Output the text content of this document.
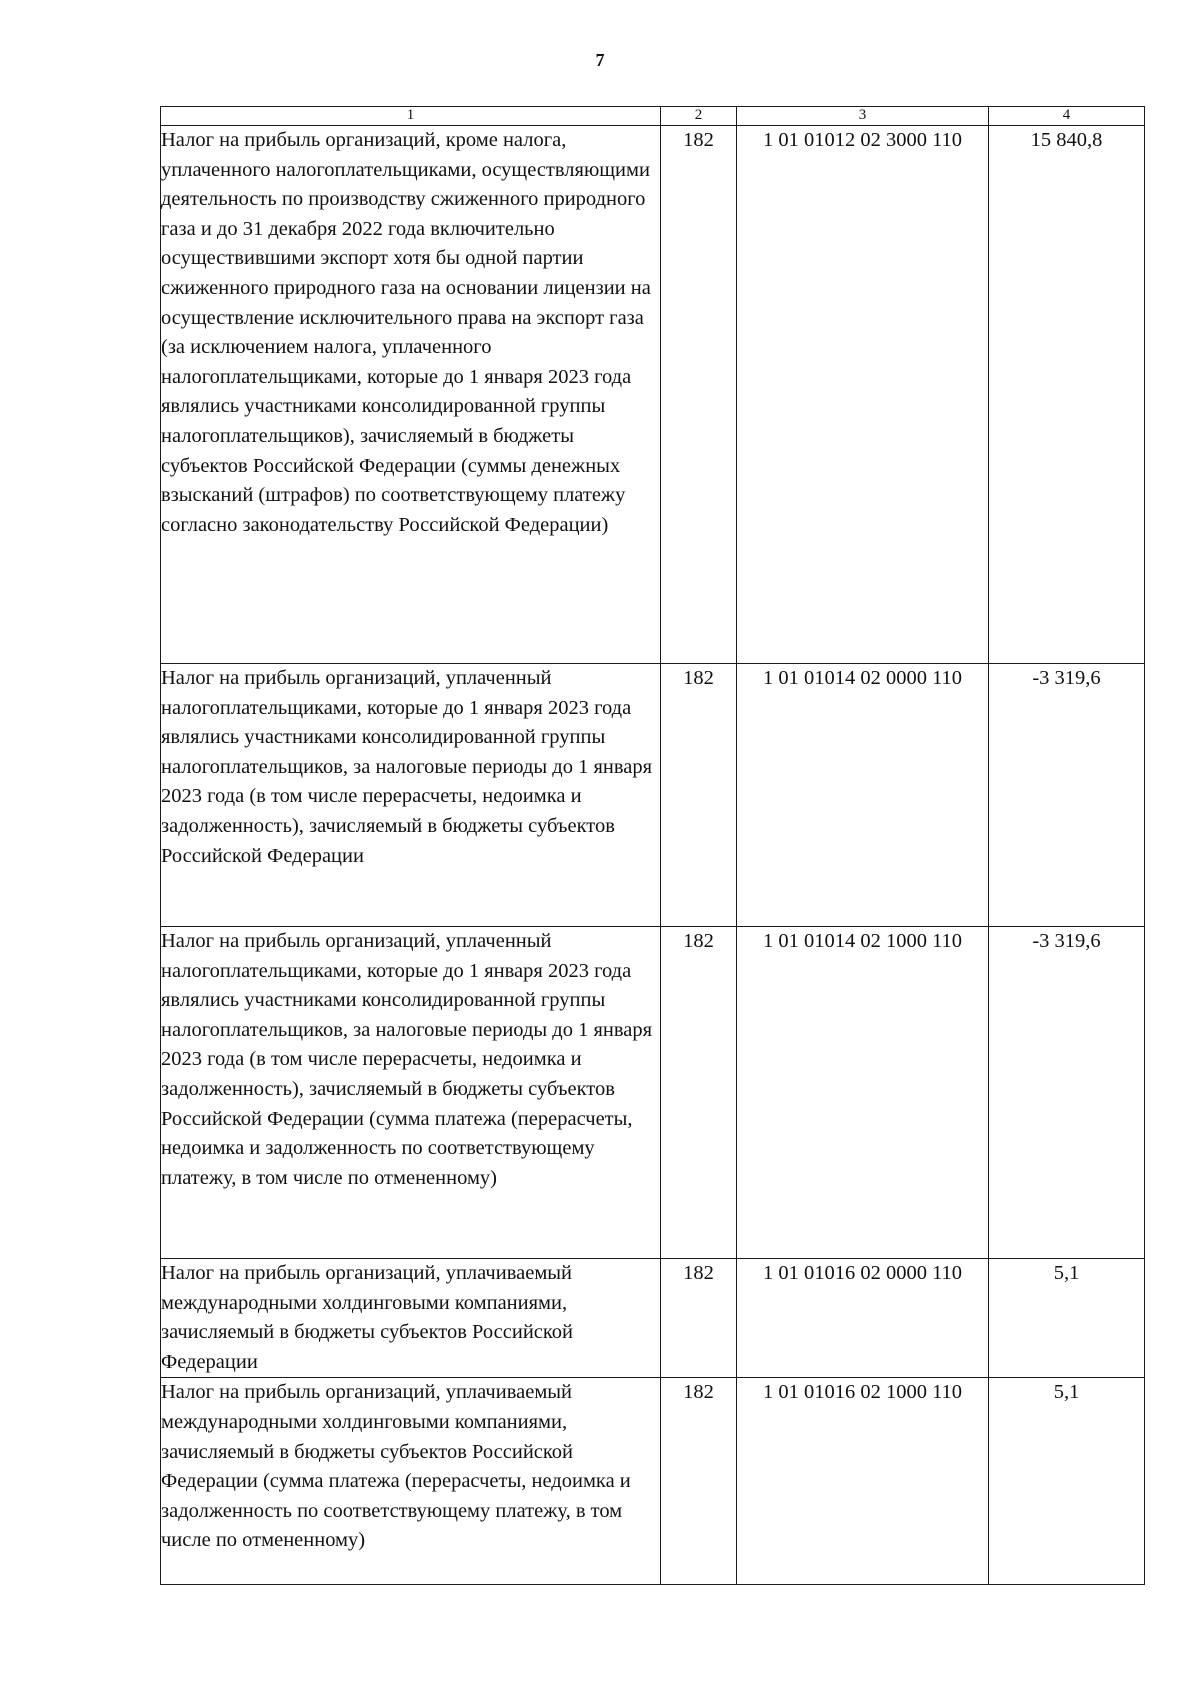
7
1	2	3	4
Налог на прибыль организаций, кроме налога, уплаченного налогоплательщиками, осуществляющими деятельность по производству сжиженного природного газа и до 31 декабря 2022 года включительно осуществившими экспорт хотя бы одной партии сжиженного природного газа на основании лицензии на осуществление исключительного права на экспорт газа (за исключением налога, уплаченного налогоплательщиками, которые до 1 января 2023 года являлись участниками консолидированной группы налогоплательщиков), зачисляемый в бюджеты субъектов Российской Федерации (суммы денежных взысканий (штрафов) по соответствующему платежу согласно законодательству Российской Федерации)	182	1 01 01012 02 3000 110	15 840,8
Налог на прибыль организаций, уплаченный налогоплательщиками, которые до 1 января 2023 года являлись участниками консолидированной группы налогоплательщиков, за налоговые периоды до 1 января 2023 года (в том числе перерасчеты, недоимка и задолженность), зачисляемый в бюджеты субъектов Российской Федерации	182	1 01 01014 02 0000 110	-3 319,6
Налог на прибыль организаций, уплаченный налогоплательщиками, которые до 1 января 2023 года являлись участниками консолидированной группы налогоплательщиков, за налоговые периоды до 1 января 2023 года (в том числе перерасчеты, недоимка и задолженность), зачисляемый в бюджеты субъектов Российской Федерации (сумма платежа (перерасчеты, недоимка и задолженность по соответствующему платежу, в том числе по отмененному)	182	1 01 01014 02 1000 110	-3 319,6
Налог на прибыль организаций, уплачиваемый международными холдинговыми компаниями, зачисляемый в бюджеты субъектов Российской Федерации	182	1 01 01016 02 0000 110	5,1
Налог на прибыль организаций, уплачиваемый международными холдинговыми компаниями, зачисляемый в бюджеты субъектов Российской Федерации (сумма платежа (перерасчеты, недоимка и задолженность по соответствующему платежу, в том числе по отмененному)	182	1 01 01016 02 1000 110	5,1
